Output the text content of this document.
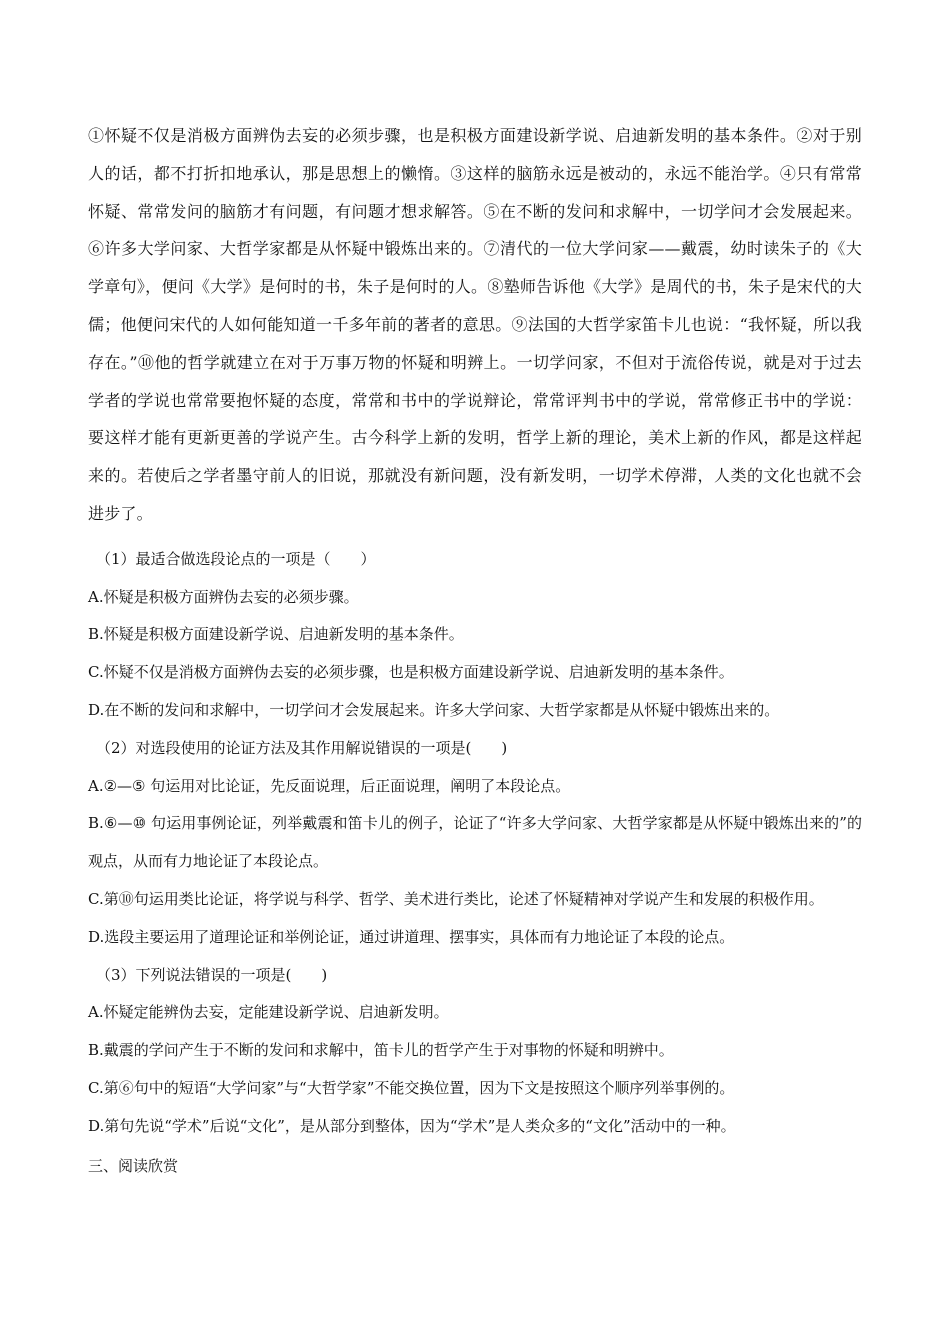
①怀疑不仅是消极方面辨伪去妄的必须步骤，也是积极方面建设新学说、启迪新发明的基本条件。②对于别人的话，都不打折扣地承认，那是思想上的懒惰。③这样的脑筋永远是被动的，永远不能治学。④只有常常怀疑、常常发问的脑筋才有问题，有问题才想求解答。⑤在不断的发问和求解中，一切学问才会发展起来。⑥许多大学问家、大哲学家都是从怀疑中锻炼出来的。⑦清代的一位大学问家——戴震，幼时读朱子的《大学章句》，便问《大学》是何时的书，朱子是何时的人。⑧塾师告诉他《大学》是周代的书，朱子是宋代的大儒；他便问宋代的人如何能知道一千多年前的著者的意思。⑨法国的大哲学家笛卡儿也说：“我怀疑，所以我存在。”⑩他的哲学就建立在对于万事万物的怀疑和明辨上。一切学问家，不但对于流俗传说，就是对于过去学者的学说也常常要抱怀疑的态度，常常和书中的学说辩论，常常评判书中的学说，常常修正书中的学说：要这样才能有更新更善的学说产生。古今科学上新的发明，哲学上新的理论，美术上新的作风，都是这样起来的。若使后之学者墨守前人的旧说，那就没有新问题，没有新发明，一切学术停滞，人类的文化也就不会进步了。

（1）最适合做选段论点的一项是（　　）

A.怀疑是积极方面辨伪去妄的必须步骤。

B.怀疑是积极方面建设新学说、启迪新发明的基本条件。

C.怀疑不仅是消极方面辨伪去妄的必须步骤，也是积极方面建设新学说、启迪新发明的基本条件。

D.在不断的发问和求解中，一切学问才会发展起来。许多大学问家、大哲学家都是从怀疑中锻炼出来的。

（2）对选段使用的论证方法及其作用解说错误的一项是(　　)

A.②—⑤ 句运用对比论证，先反面说理，后正面说理，阐明了本段论点。

B.⑥—⑩ 句运用事例论证，列举戴震和笛卡儿的例子，论证了“许多大学问家、大哲学家都是从怀疑中锻炼出来的”的观点，从而有力地论证了本段论点。

C.第⑩句运用类比论证，将学说与科学、哲学、美术进行类比，论述了怀疑精神对学说产生和发展的积极作用。

D.选段主要运用了道理论证和举例论证，通过讲道理、摆事实，具体而有力地论证了本段的论点。

（3）下列说法错误的一项是(　　)

A.怀疑定能辨伪去妄，定能建设新学说、启迪新发明。

B.戴震的学问产生于不断的发问和求解中，笛卡儿的哲学产生于对事物的怀疑和明辨中。

C.第⑥句中的短语“大学问家”与“大哲学家”不能交换位置，因为下文是按照这个顺序列举事例的。

D.第句先说“学术”后说“文化”，是从部分到整体，因为“学术”是人类众多的“文化”活动中的一种。

三、阅读欣赏
